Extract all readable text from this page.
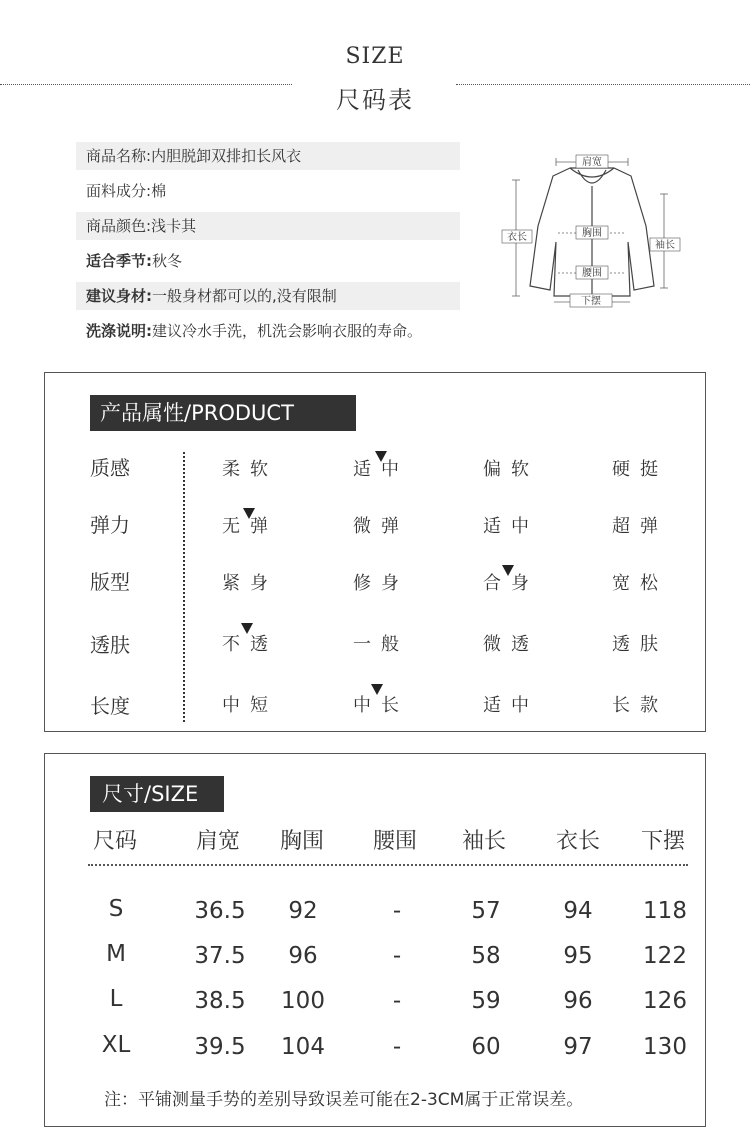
SIZE
尺码表
商品名称:内胆脱卸双排扣长风衣
面料成分:棉
商品颜色:浅卡其
适合季节:秋冬
建议身材:一般身材都可以的,没有限制
洗涤说明:建议冷水手洗，机洗会影响衣服的寿命。
肩宽
胸围
腰围
下摆
衣长
袖长
产品属性/PRODUCT
质感	柔软	适中	偏软	硬挺
弹力	无弹	微弹	适中	超弹
版型	紧身	修身	合身	宽松
透肤	不透	一般	微透	透肤
长度	中短	中长	适中	长款
尺寸/SIZE
尺码	肩宽 胸围 腰围 袖长 衣长 下摆
S	36.5	92	-	57	94	118
M	37.5	96	-	58	95	122
L	38.5	100	-	59	96	126
XL	39.5	104	-	60	97	130
注：平铺测量手势的差别导致误差可能在2-3CM属于正常误差。
